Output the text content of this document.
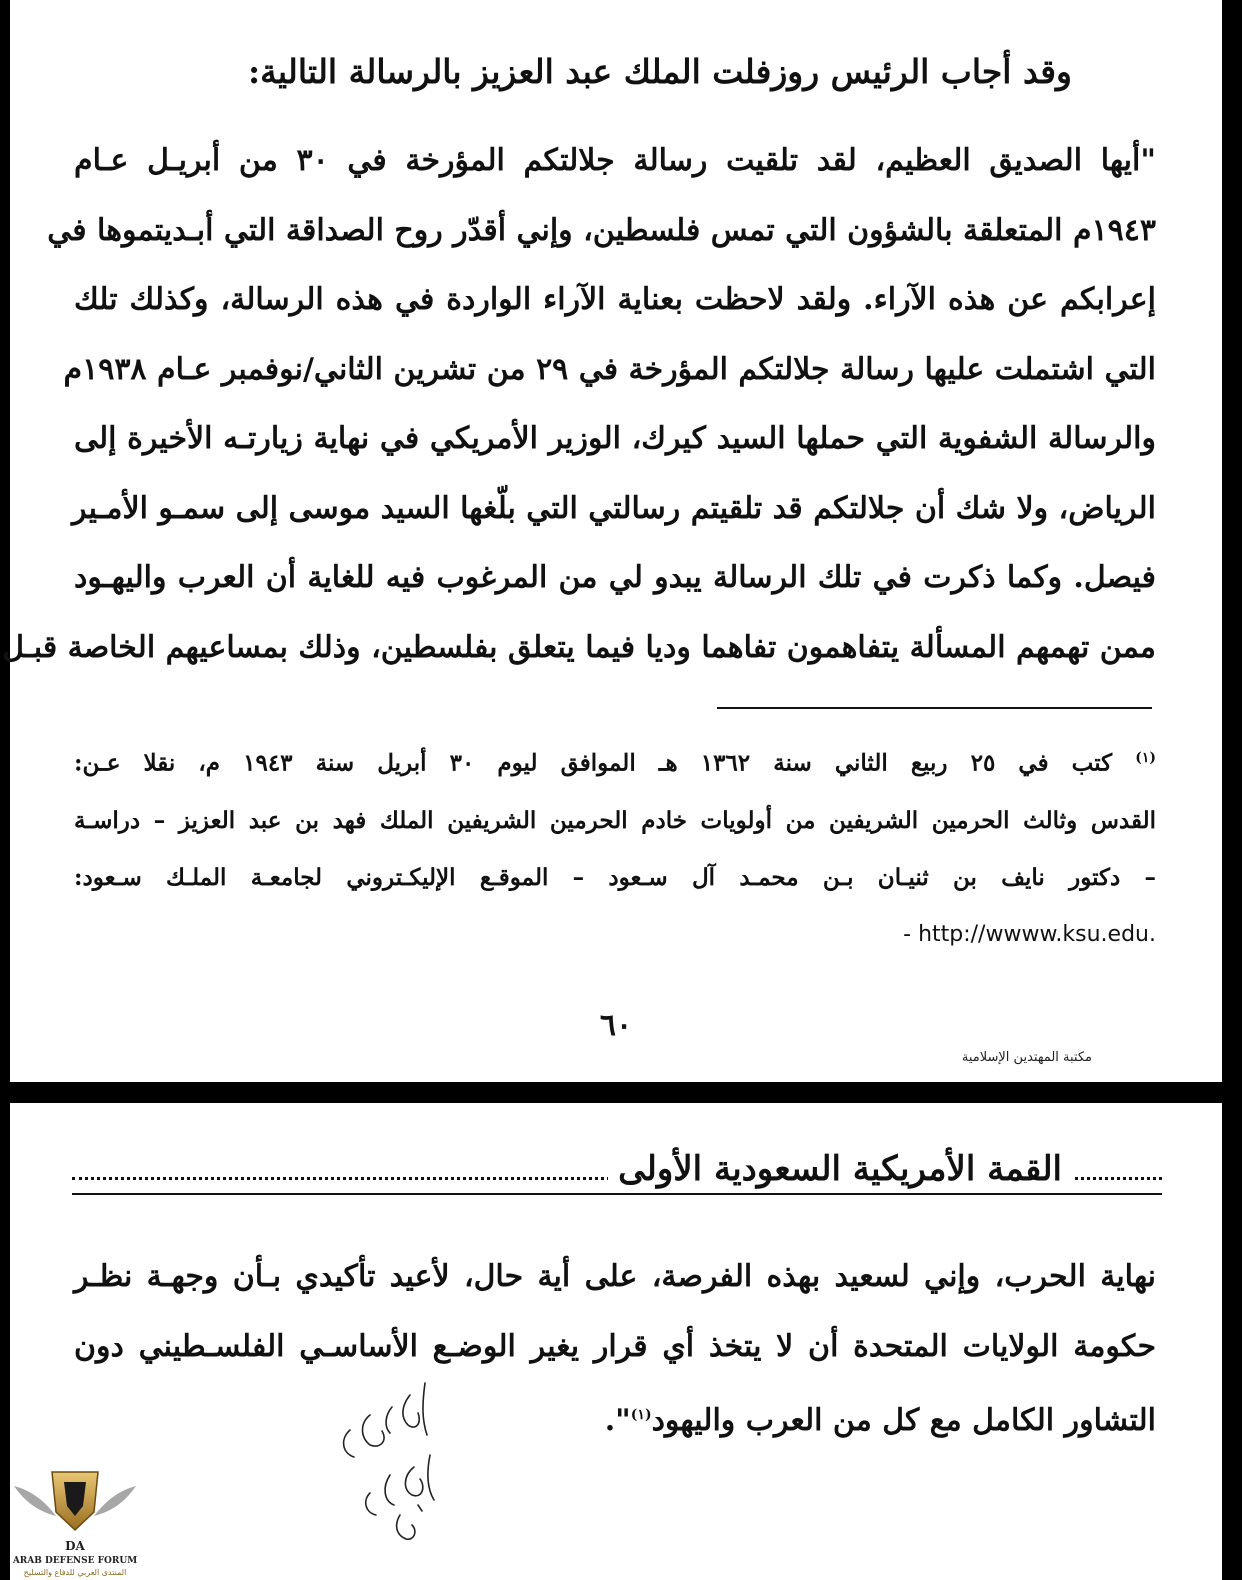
وقد أجاب الرئيس روزفلت الملك عبد العزيز بالرسالة التالية:
"أيها الصديق العظيم، لقد تلقيت رسالة جلالتكم المؤرخة في ٣٠ من أبريـل عـام
١٩٤٣م المتعلقة بالشؤون التي تمس فلسطين، وإني أقدّر روح الصداقة التي أبـديتموها في
إعرابكم عن هذه الآراء. ولقد لاحظت بعناية الآراء الواردة في هذه الرسالة، وكذلك تلك
التي اشتملت عليها رسالة جلالتكم المؤرخة في ٢٩ من تشرين الثاني/نوفمبر عـام ١٩٣٨م
والرسالة الشفوية التي حملها السيد كيرك، الوزير الأمريكي في نهاية زيارتـه الأخيرة إلى
الرياض، ولا شك أن جلالتكم قد تلقيتم رسالتي التي بلّغها السيد موسى إلى سمـو الأمـير
فيصل. وكما ذكرت في تلك الرسالة يبدو لي من المرغوب فيه للغاية أن العرب واليهـود
ممن تهمهم المسألة يتفاهمون تفاهما وديا فيما يتعلق بفلسطين، وذلك بمساعيهم الخاصة قبـل
$^{(١)}$ كتب في ٢٥ ربيع الثاني سنة ١٣٦٢ هـ الموافق ليوم ٣٠ أبريل سنة ١٩٤٣ م، نقلا عـن:
القدس وثالث الحرمين الشريفين من أولويات خادم الحرمين الشريفين الملك فهد بن عبد العزيز – دراسـة
– دكتور نايف بن ثنيـان بـن محمـد آل سـعود – الموقـع الإليكـتروني لجامعـة الملـك سـعود:
- http://wwww.ksu.edu.
٦٠
مكتبة المهتدين الإسلامية
القمة الأمريكية السعودية الأولى
نهاية الحرب، وإني لسعيد بهذه الفرصة، على أية حال، لأعيد تأكيدي بـأن وجهـة نظـر
حكومة الولايات المتحدة أن لا يتخذ أي قرار يغير الوضـع الأساسـي الفلسـطيني دون
التشاور الكامل مع كل من العرب واليهود$^{(١)}$".
DA
ARAB DEFENSE FORUM
المنتدى العربي للدفاع والتسليح
